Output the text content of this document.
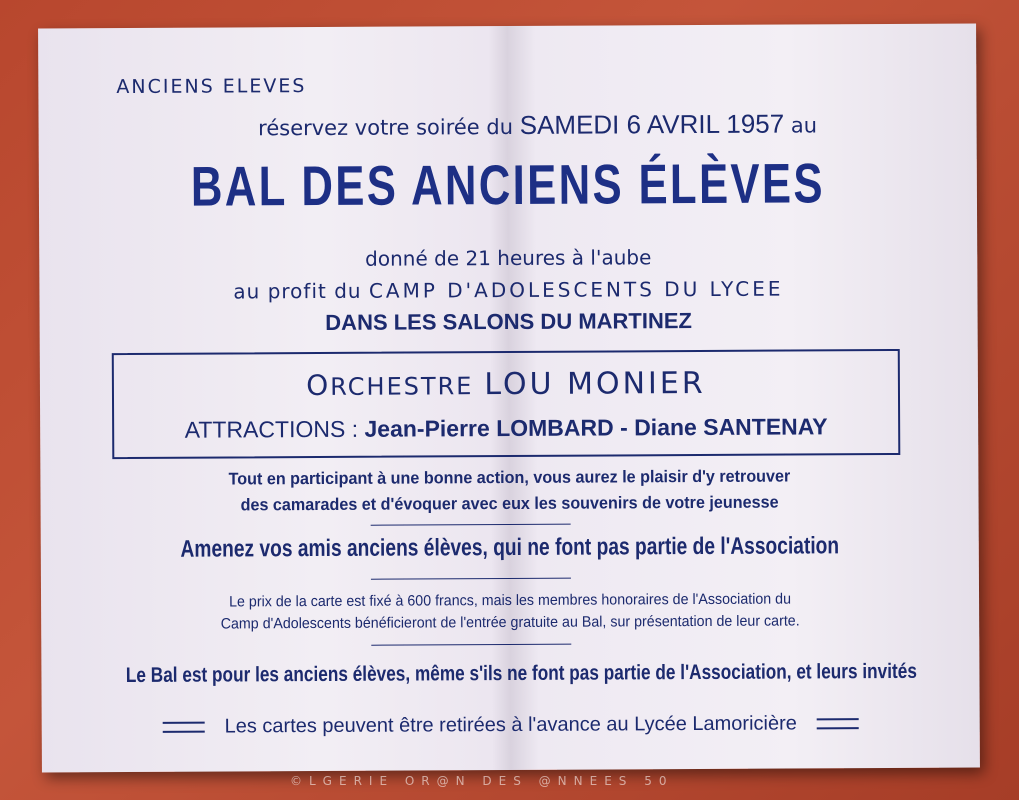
ANCIENS ELEVES
réservez votre soirée du SAMEDI 6 AVRIL 1957 au
BAL DES ANCIENS ÉLÈVES
donné de 21 heures à l'aube
au profit du CAMP D'ADOLESCENTS DU LYCEE
DANS LES SALONS DU MARTINEZ
ORCHESTRE LOU MONIER
ATTRACTIONS : Jean-Pierre LOMBARD - Diane SANTENAY
Tout en participant à une bonne action, vous aurez le plaisir d'y retrouver
des camarades et d'évoquer avec eux les souvenirs de votre jeunesse
Amenez vos amis anciens élèves, qui ne font pas partie de l'Association
Le prix de la carte est fixé à 600 francs, mais les membres honoraires de l'Association du
Camp d'Adolescents bénéficieront de l'entrée gratuite au Bal, sur présentation de leur carte.
Le Bal est pour les anciens élèves, même s'ils ne font pas partie de l'Association, et leurs invités
Les cartes peuvent être retirées à l'avance au Lycée Lamoricière
©LGERIE OR@N DES @NNEES 50
